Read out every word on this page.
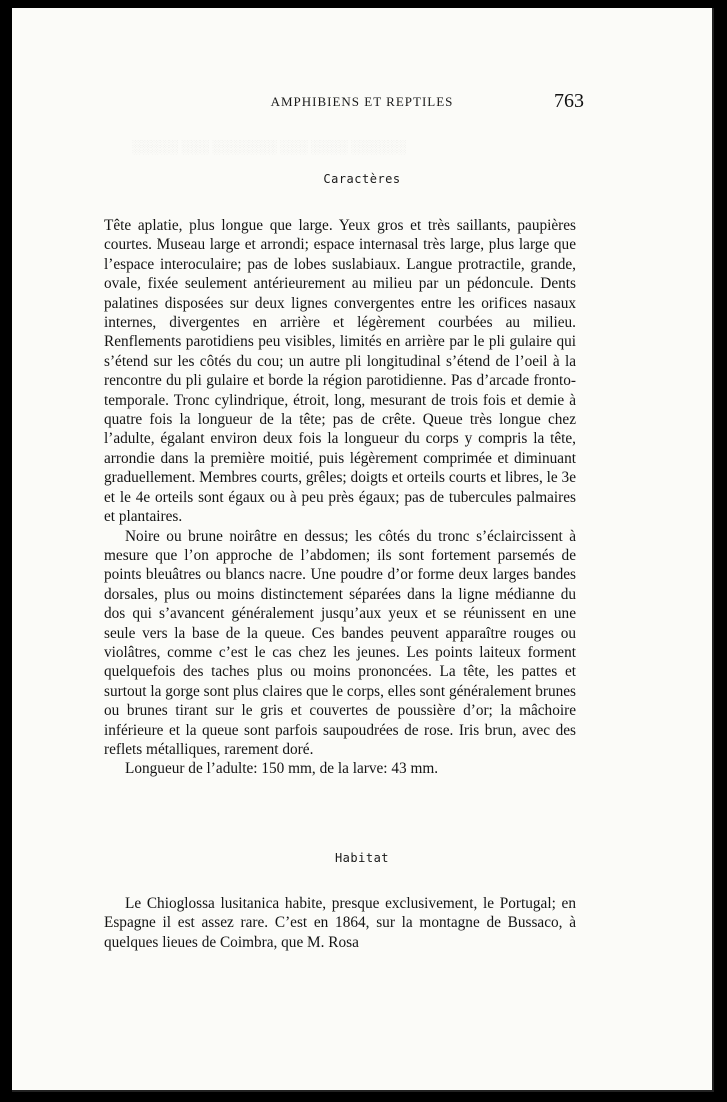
░░░░░ ░░░ ░░░░░░░ ░░░ ░░░░ ░░░░░░
AMPHIBIENS ET REPTILES	763
Caractères

Tête aplatie, plus longue que large. Yeux gros et très saillants, paupières courtes. Museau large et arrondi; espace internasal très large, plus large que l’espace interoculaire; pas de lobes suslabiaux. Langue protractile, grande, ovale, fixée seulement antérieurement au milieu par un pédoncule. Dents palatines disposées sur deux lignes convergentes entre les orifices nasaux internes, divergentes en arrière et légèrement courbées au milieu. Renflements parotidiens peu visibles, limités en arrière par le pli gulaire qui s’étend sur les côtés du cou; un autre pli longitudinal s’étend de l’oeil à la rencontre du pli gulaire et borde la région parotidienne. Pas d’arcade fronto-temporale. Tronc cylindrique, étroit, long, mesurant de trois fois et demie à quatre fois la longueur de la tête; pas de crête. Queue très longue chez l’adulte, égalant environ deux fois la longueur du corps y compris la tête, arrondie dans la première moitié, puis légèrement comprimée et diminuant graduellement. Membres courts, grêles; doigts et orteils courts et libres, le 3e et le 4e orteils sont égaux ou à peu près égaux; pas de tubercules palmaires et plantaires.

Noire ou brune noirâtre en dessus; les côtés du tronc s’éclaircissent à mesure que l’on approche de l’abdomen; ils sont fortement parsemés de points bleuâtres ou blancs nacre. Une poudre d’or forme deux larges bandes dorsales, plus ou moins distinctement séparées dans la ligne médianne du dos qui s’avancent généralement jusqu’aux yeux et se réunissent en une seule vers la base de la queue. Ces bandes peuvent apparaître rouges ou violâtres, comme c’est le cas chez les jeunes. Les points laiteux forment quelquefois des taches plus ou moins prononcées. La tête, les pattes et surtout la gorge sont plus claires que le corps, elles sont généralement brunes ou brunes tirant sur le gris et couvertes de poussière d’or; la mâchoire inférieure et la queue sont parfois saupoudrées de rose. Iris brun, avec des reflets métalliques, rarement doré.

Longueur de l’adulte: 150 mm, de la larve: 43 mm.

Habitat

Le Chioglossa lusitanica habite, presque exclusivement, le Portugal; en Espagne il est assez rare. C’est en 1864, sur la montagne de Bussaco, à quelques lieues de Coimbra, que M. Rosa
